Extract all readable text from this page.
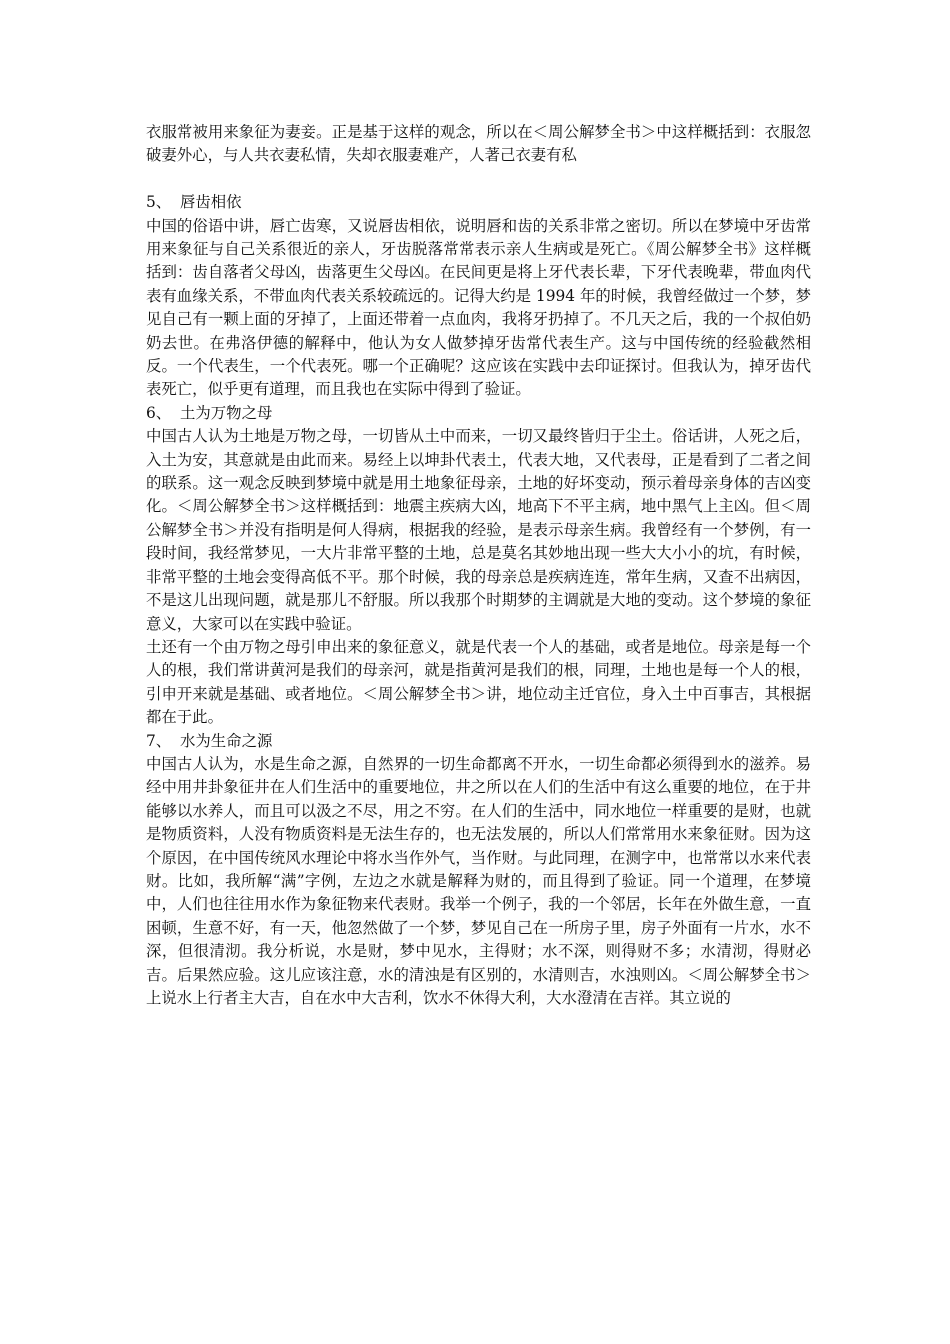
衣服常被用来象征为妻妾。正是基于这样的观念，所以在＜周公解梦全书＞中这样概括到：衣服忽破妻外心，与人共衣妻私情，失却衣服妻难产，人著己衣妻有私

5、 唇齿相依

中国的俗语中讲，唇亡齿寒，又说唇齿相依，说明唇和齿的关系非常之密切。所以在梦境中牙齿常用来象征与自己关系很近的亲人，牙齿脱落常常表示亲人生病或是死亡。《周公解梦全书》这样概括到：齿自落者父母凶，齿落更生父母凶。在民间更是将上牙代表长辈，下牙代表晚辈，带血肉代表有血缘关系，不带血肉代表关系较疏远的。记得大约是 1994 年的时候，我曾经做过一个梦，梦见自己有一颗上面的牙掉了，上面还带着一点血肉，我将牙扔掉了。不几天之后，我的一个叔伯奶奶去世。在弗洛伊德的解释中，他认为女人做梦掉牙齿常代表生产。这与中国传统的经验截然相反。一个代表生，一个代表死。哪一个正确呢？这应该在实践中去印证探讨。但我认为，掉牙齿代表死亡，似乎更有道理，而且我也在实际中得到了验证。

6、 土为万物之母

中国古人认为土地是万物之母，一切皆从土中而来，一切又最终皆归于尘土。俗话讲，人死之后，入土为安，其意就是由此而来。易经上以坤卦代表土，代表大地，又代表母，正是看到了二者之间的联系。这一观念反映到梦境中就是用土地象征母亲，土地的好坏变动，预示着母亲身体的吉凶变化。＜周公解梦全书＞这样概括到：地震主疾病大凶，地高下不平主病，地中黑气上主凶。但＜周公解梦全书＞并没有指明是何人得病，根据我的经验，是表示母亲生病。我曾经有一个梦例，有一段时间，我经常梦见，一大片非常平整的土地，总是莫名其妙地出现一些大大小小的坑，有时候，非常平整的土地会变得高低不平。那个时候，我的母亲总是疾病连连，常年生病，又查不出病因，不是这儿出现问题，就是那儿不舒服。所以我那个时期梦的主调就是大地的变动。这个梦境的象征意义，大家可以在实践中验证。

土还有一个由万物之母引申出来的象征意义，就是代表一个人的基础，或者是地位。母亲是每一个人的根，我们常讲黄河是我们的母亲河，就是指黄河是我们的根，同理，土地也是每一个人的根，引申开来就是基础、或者地位。＜周公解梦全书＞讲，地位动主迁官位，身入土中百事吉，其根据都在于此。

7、 水为生命之源

中国古人认为，水是生命之源，自然界的一切生命都离不开水，一切生命都必须得到水的滋养。易经中用井卦象征井在人们生活中的重要地位，井之所以在人们的生活中有这么重要的地位，在于井能够以水养人，而且可以汲之不尽，用之不穷。在人们的生活中，同水地位一样重要的是财，也就是物质资料，人没有物质资料是无法生存的，也无法发展的，所以人们常常用水来象征财。因为这个原因，在中国传统风水理论中将水当作外气，当作财。与此同理，在测字中，也常常以水来代表财。比如，我所解“满”字例，左边之水就是解释为财的，而且得到了验证。同一个道理，在梦境中，人们也往往用水作为象征物来代表财。我举一个例子，我的一个邻居，长年在外做生意，一直困顿，生意不好，有一天，他忽然做了一个梦，梦见自己在一所房子里，房子外面有一片水，水不深，但很清沏。我分析说，水是财，梦中见水，主得财；水不深，则得财不多；水清沏，得财必吉。后果然应验。这儿应该注意，水的清浊是有区别的，水清则吉，水浊则凶。＜周公解梦全书＞上说水上行者主大吉，自在水中大吉利，饮水不休得大利，大水澄清在吉祥。其立说的
